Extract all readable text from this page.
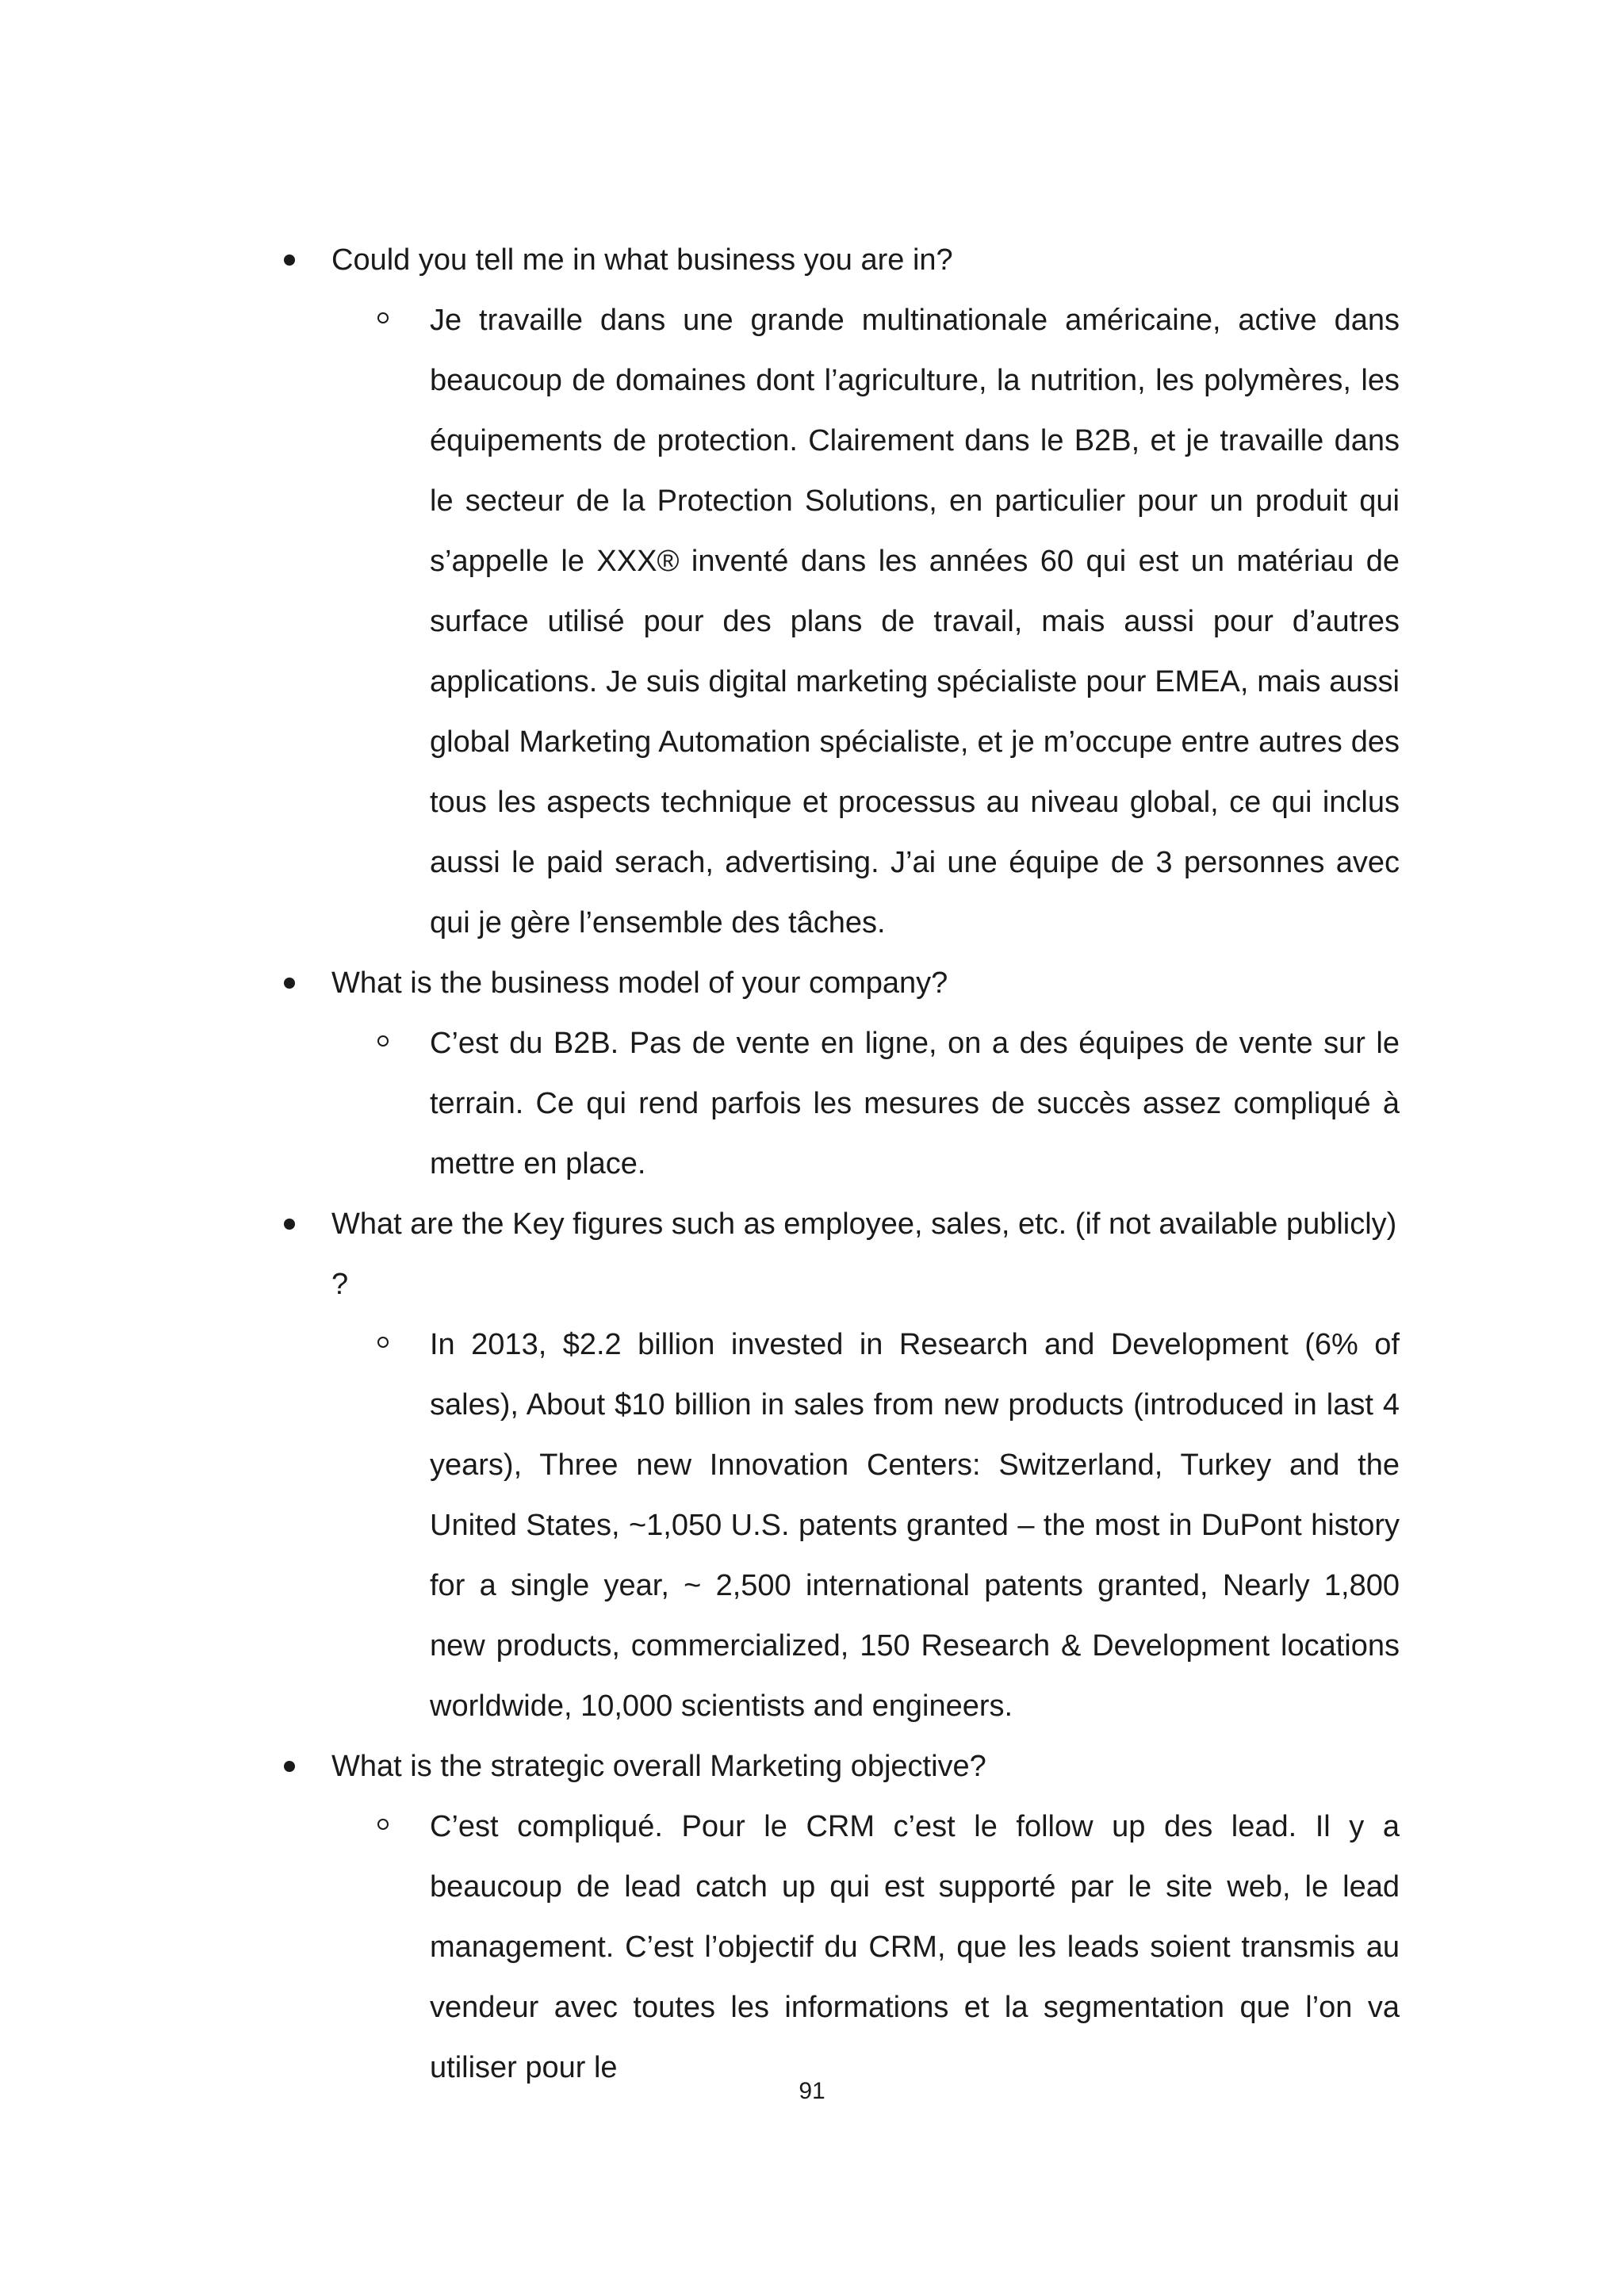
Could you tell me in what business you are in?

Je travaille dans une grande multinationale américaine, active dans beaucoup de domaines dont l’agriculture, la nutrition, les polymères, les équipements de protection. Clairement dans le B2B, et je travaille dans le secteur de la Protection Solutions, en particulier pour un produit qui s’appelle le XXX® inventé dans les années 60 qui est un matériau de surface utilisé pour des plans de travail, mais aussi pour d’autres applications. Je suis digital marketing spécialiste pour EMEA, mais aussi global Marketing Automation spécialiste, et je m’occupe entre autres des tous les aspects technique et processus au niveau global, ce qui inclus aussi le paid serach, advertising. J’ai une équipe de 3 personnes avec qui je gère l’ensemble des tâches.

What is the business model of your company?

C’est du B2B. Pas de vente en ligne, on a des équipes de vente sur le terrain. Ce qui rend parfois les mesures de succès assez compliqué à mettre en place.

What are the Key figures such as employee, sales, etc. (if not available publicly) ?

In 2013, $2.2 billion invested in Research and Development (6% of sales), About $10 billion in sales from new products (introduced in last 4 years), Three new Innovation Centers: Switzerland, Turkey and the United States, ~1,050 U.S. patents granted – the most in DuPont history for a single year, ~ 2,500 international patents granted, Nearly 1,800 new products, commercialized, 150 Research & Development locations worldwide, 10,000 scientists and engineers.

What is the strategic overall Marketing objective?

C’est compliqué. Pour le CRM c’est le follow up des lead. Il y a beaucoup de lead catch up qui est supporté par le site web, le lead management. C’est l’objectif du CRM, que les leads soient transmis au vendeur avec toutes les informations et la segmentation que l’on va utiliser pour le

91
